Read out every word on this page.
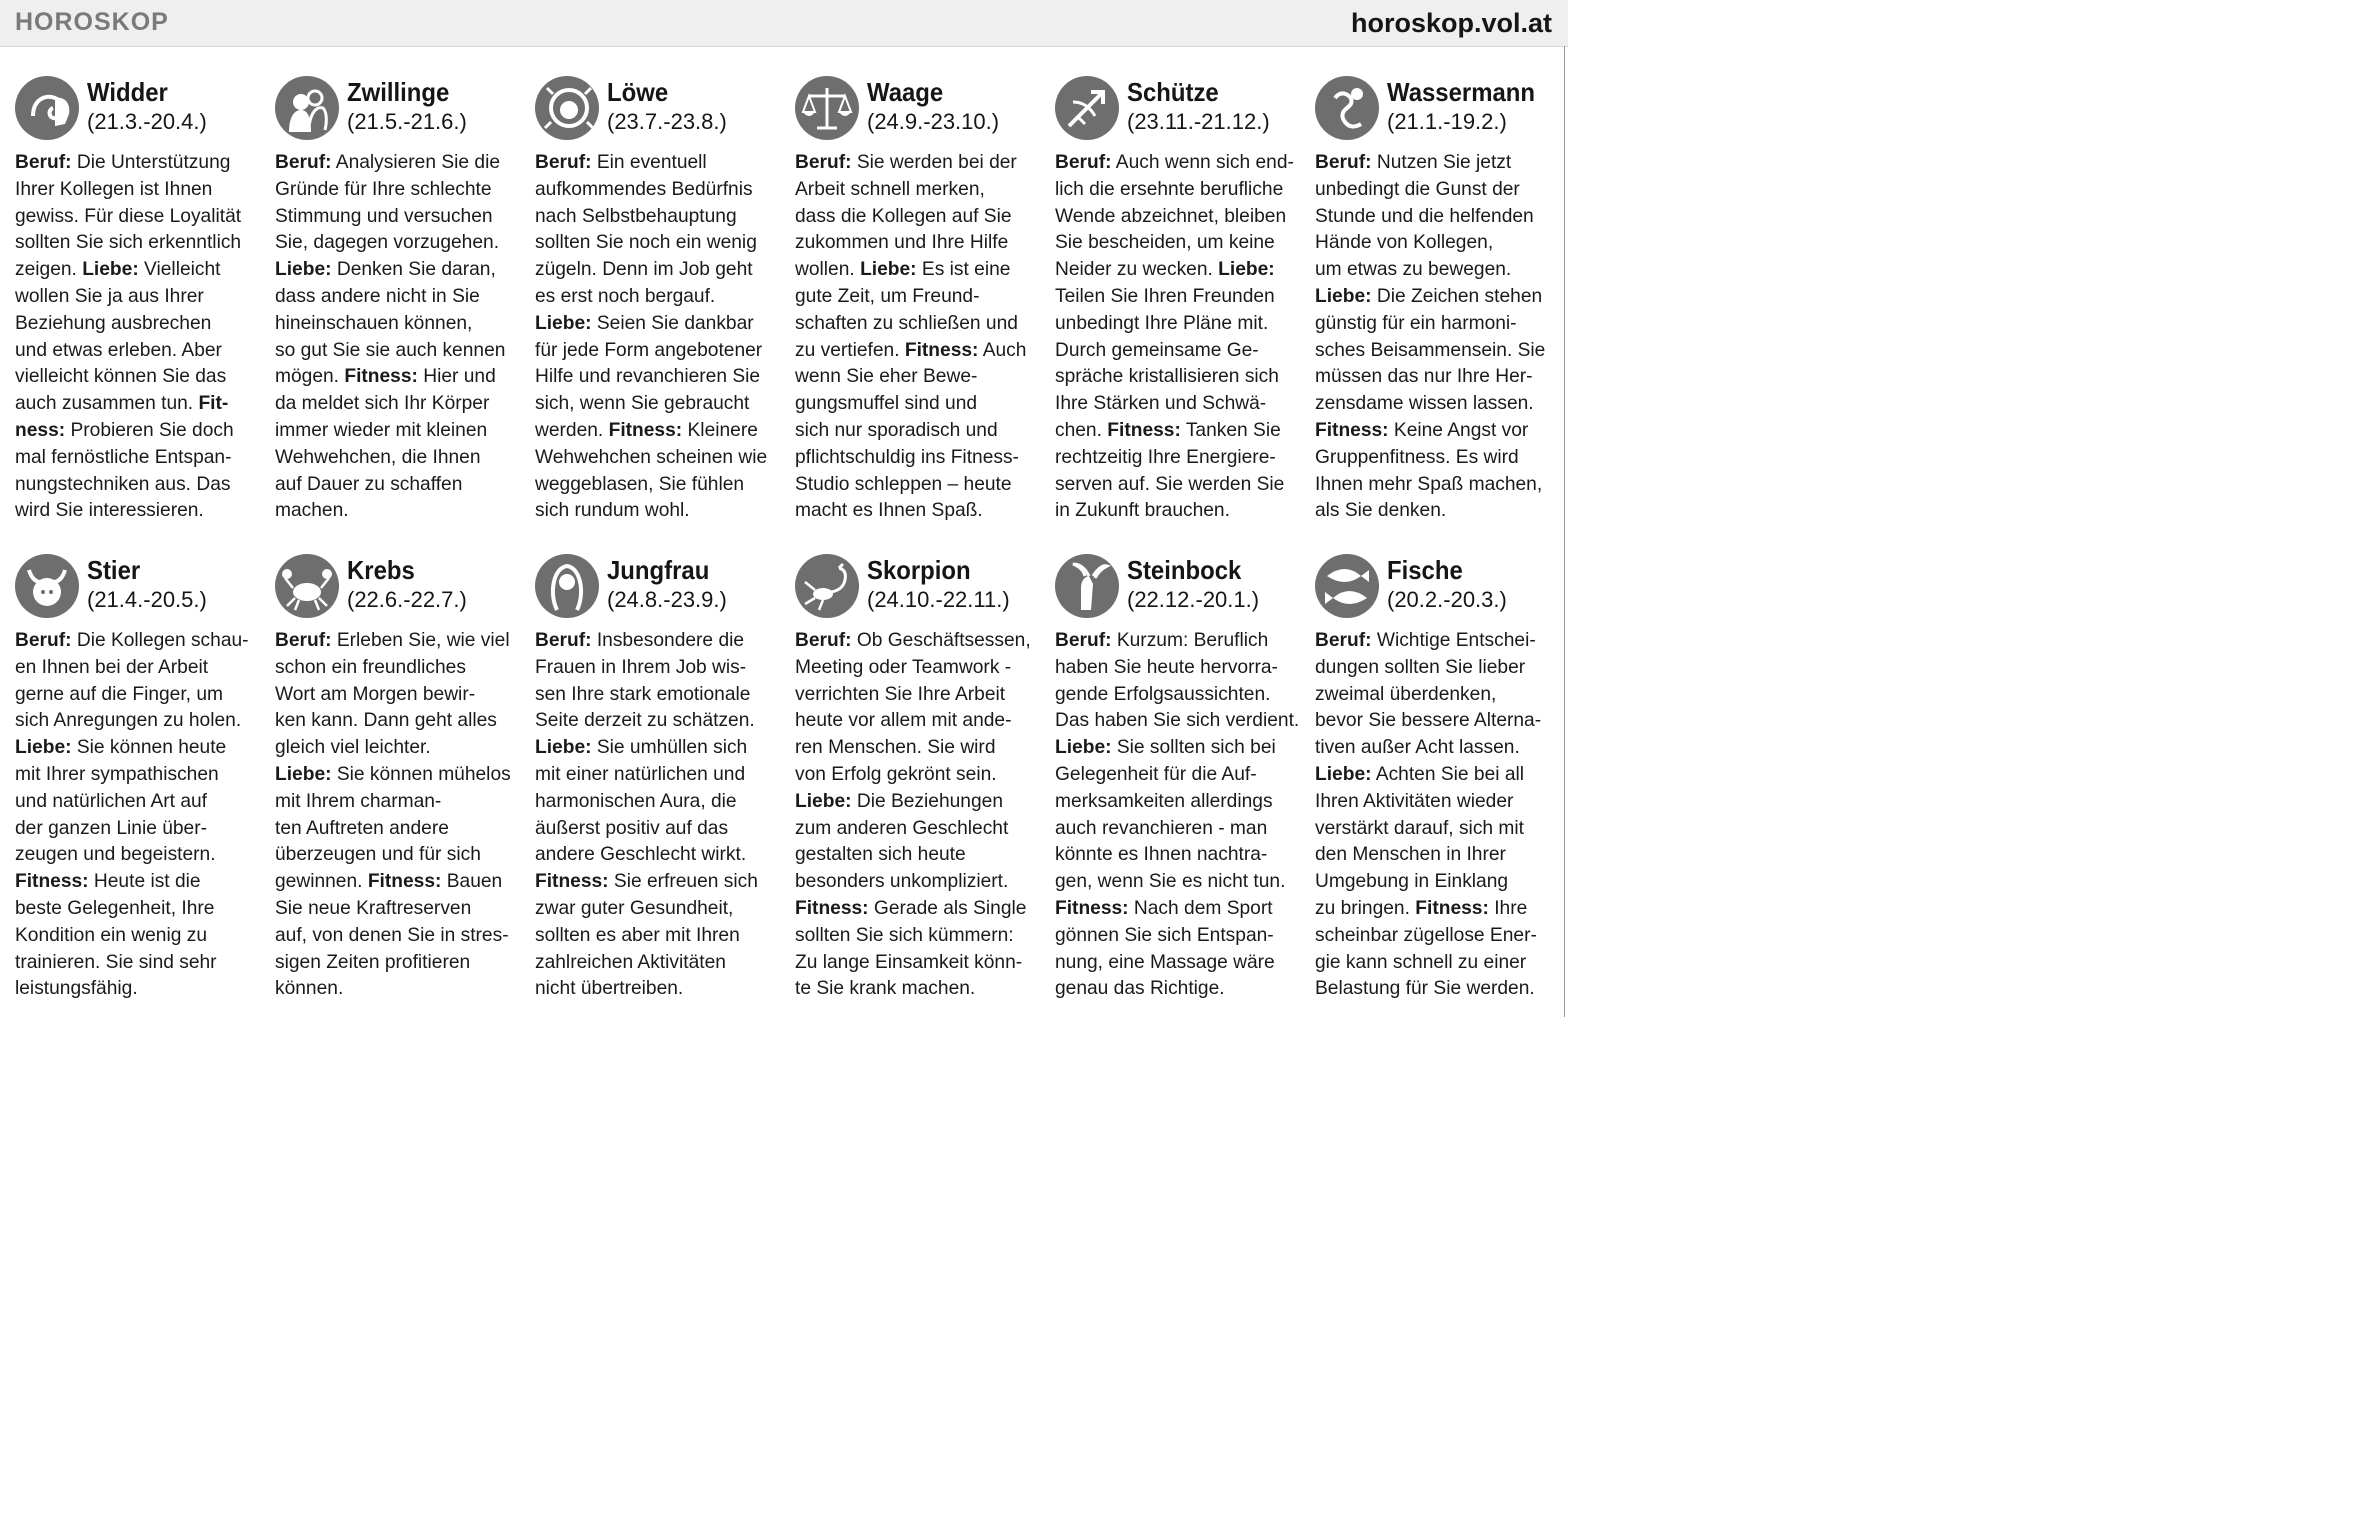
HOROSKOP	horoskop.vol.at
Widder
(21.3.-20.4.)
Beruf: Die Unterstützung
Ihrer Kollegen ist Ihnen
gewiss. Für diese Loyalität
sollten Sie sich erkenntlich
zeigen. Liebe: Vielleicht
wollen Sie ja aus Ihrer
Beziehung ausbrechen
und etwas erleben. Aber
vielleicht können Sie das
auch zusammen tun. Fit-
ness: Probieren Sie doch
mal fernöstliche Entspan-
nungstechniken aus. Das
wird Sie interessieren.
Zwillinge
(21.5.-21.6.)
Beruf: Analysieren Sie die
Gründe für Ihre schlechte
Stimmung und versuchen
Sie, dagegen vorzugehen.
Liebe: Denken Sie daran,
dass andere nicht in Sie
hineinschauen können,
so gut Sie sie auch kennen
mögen. Fitness: Hier und
da meldet sich Ihr Körper
immer wieder mit kleinen
Wehwehchen, die Ihnen
auf Dauer zu schaffen
machen.
Löwe
(23.7.-23.8.)
Beruf: Ein eventuell
aufkommendes Bedürfnis
nach Selbstbehauptung
sollten Sie noch ein wenig
zügeln. Denn im Job geht
es erst noch bergauf.
Liebe: Seien Sie dankbar
für jede Form angebotener
Hilfe und revanchieren Sie
sich, wenn Sie gebraucht
werden. Fitness: Kleinere
Wehwehchen scheinen wie
weggeblasen, Sie fühlen
sich rundum wohl.
Waage
(24.9.-23.10.)
Beruf: Sie werden bei der
Arbeit schnell merken,
dass die Kollegen auf Sie
zukommen und Ihre Hilfe
wollen. Liebe: Es ist eine
gute Zeit, um Freund-
schaften zu schließen und
zu vertiefen. Fitness: Auch
wenn Sie eher Bewe-
gungsmuffel sind und
sich nur sporadisch und
pflichtschuldig ins Fitness-
Studio schleppen – heute
macht es Ihnen Spaß.
Schütze
(23.11.-21.12.)
Beruf: Auch wenn sich end-
lich die ersehnte berufliche
Wende abzeichnet, bleiben
Sie bescheiden, um keine
Neider zu wecken. Liebe:
Teilen Sie Ihren Freunden
unbedingt Ihre Pläne mit.
Durch gemeinsame Ge-
spräche kristallisieren sich
Ihre Stärken und Schwä-
chen. Fitness: Tanken Sie
rechtzeitig Ihre Energiere-
serven auf. Sie werden Sie
in Zukunft brauchen.
Wassermann
(21.1.-19.2.)
Beruf: Nutzen Sie jetzt
unbedingt die Gunst der
Stunde und die helfenden
Hände von Kollegen,
um etwas zu bewegen.
Liebe: Die Zeichen stehen
günstig für ein harmoni-
sches Beisammensein. Sie
müssen das nur Ihre Her-
zensdame wissen lassen.
Fitness: Keine Angst vor
Gruppenfitness. Es wird
Ihnen mehr Spaß machen,
als Sie denken.
Stier
(21.4.-20.5.)
Beruf: Die Kollegen schau-
en Ihnen bei der Arbeit
gerne auf die Finger, um
sich Anregungen zu holen.
Liebe: Sie können heute
mit Ihrer sympathischen
und natürlichen Art auf
der ganzen Linie über-
zeugen und begeistern.
Fitness: Heute ist die
beste Gelegenheit, Ihre
Kondition ein wenig zu
trainieren. Sie sind sehr
leistungsfähig.
Krebs
(22.6.-22.7.)
Beruf: Erleben Sie, wie viel
schon ein freundliches
Wort am Morgen bewir-
ken kann. Dann geht alles
gleich viel leichter.
Liebe: Sie können mühelos
mit Ihrem charman-
ten Auftreten andere
überzeugen und für sich
gewinnen. Fitness: Bauen
Sie neue Kraftreserven
auf, von denen Sie in stres-
sigen Zeiten profitieren
können.
Jungfrau
(24.8.-23.9.)
Beruf: Insbesondere die
Frauen in Ihrem Job wis-
sen Ihre stark emotionale
Seite derzeit zu schätzen.
Liebe: Sie umhüllen sich
mit einer natürlichen und
harmonischen Aura, die
äußerst positiv auf das
andere Geschlecht wirkt.
Fitness: Sie erfreuen sich
zwar guter Gesundheit,
sollten es aber mit Ihren
zahlreichen Aktivitäten
nicht übertreiben.
Skorpion
(24.10.-22.11.)
Beruf: Ob Geschäftsessen,
Meeting oder Teamwork -
verrichten Sie Ihre Arbeit
heute vor allem mit ande-
ren Menschen. Sie wird
von Erfolg gekrönt sein.
Liebe: Die Beziehungen
zum anderen Geschlecht
gestalten sich heute
besonders unkompliziert.
Fitness: Gerade als Single
sollten Sie sich kümmern:
Zu lange Einsamkeit könn-
te Sie krank machen.
Steinbock
(22.12.-20.1.)
Beruf: Kurzum: Beruflich
haben Sie heute hervorra-
gende Erfolgsaussichten.
Das haben Sie sich verdient.
Liebe: Sie sollten sich bei
Gelegenheit für die Auf-
merksamkeiten allerdings
auch revanchieren - man
könnte es Ihnen nachtra-
gen, wenn Sie es nicht tun.
Fitness: Nach dem Sport
gönnen Sie sich Entspan-
nung, eine Massage wäre
genau das Richtige.
Fische
(20.2.-20.3.)
Beruf: Wichtige Entschei-
dungen sollten Sie lieber
zweimal überdenken,
bevor Sie bessere Alterna-
tiven außer Acht lassen.
Liebe: Achten Sie bei all
Ihren Aktivitäten wieder
verstärkt darauf, sich mit
den Menschen in Ihrer
Umgebung in Einklang
zu bringen. Fitness: Ihre
scheinbar zügellose Ener-
gie kann schnell zu einer
Belastung für Sie werden.
